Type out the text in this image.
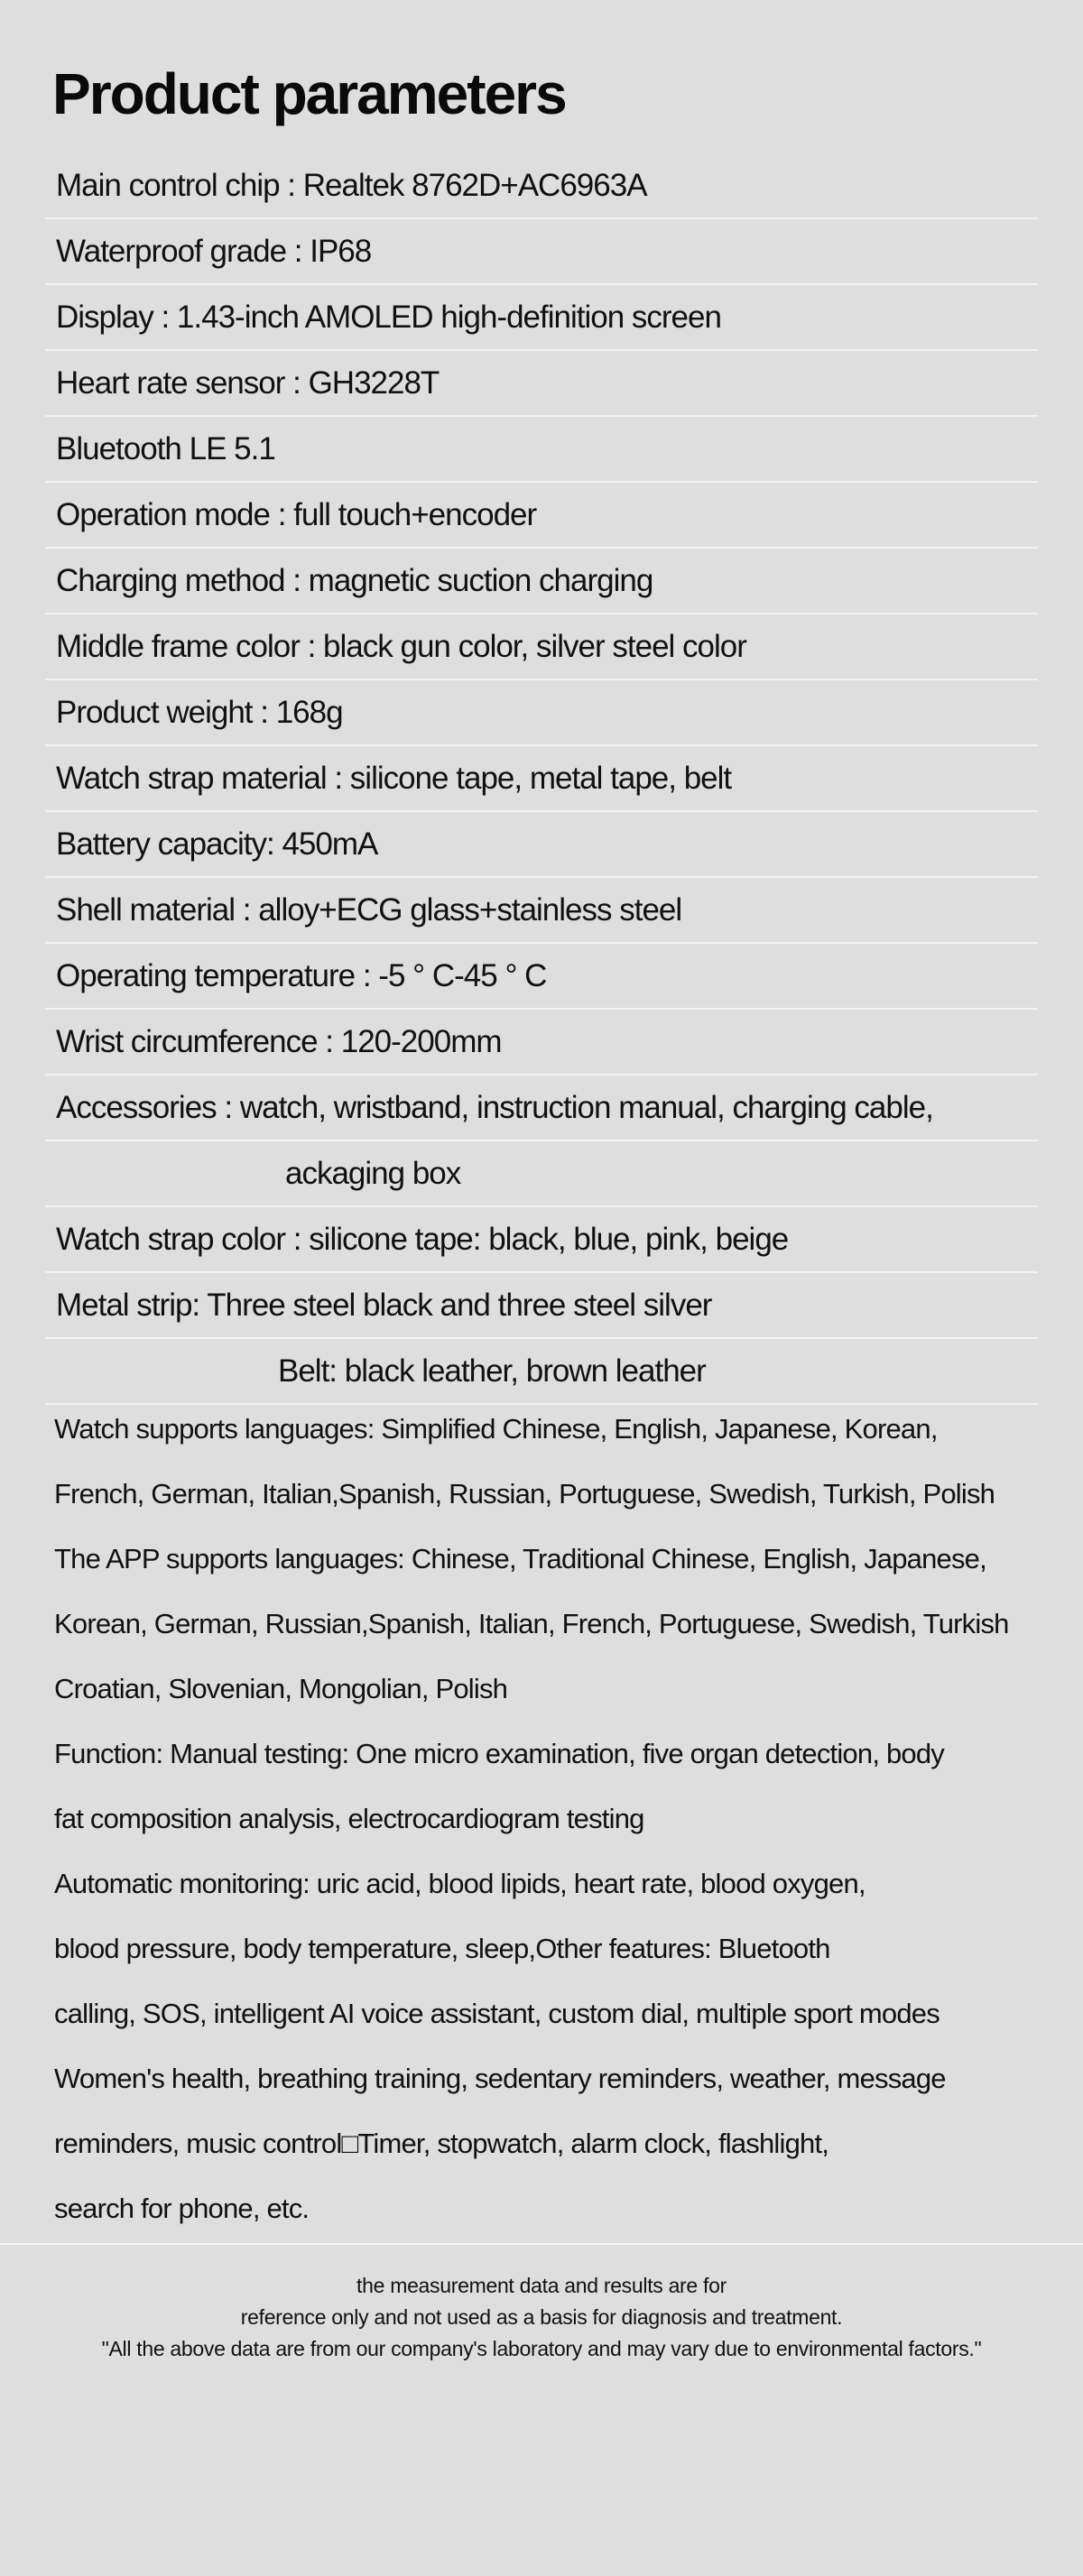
Product parameters
Main control chip : Realtek 8762D+AC6963A
Waterproof grade : IP68
Display : 1.43-inch AMOLED high-definition screen
Heart rate sensor : GH3228T
Bluetooth LE 5.1
Operation mode : full touch+encoder
Charging method : magnetic suction charging
Middle frame color : black gun color, silver steel color
Product weight : 168g
Watch strap material : silicone tape, metal tape, belt
Battery capacity: 450mA
Shell material : alloy+ECG glass+stainless steel
Operating temperature : -5 ° C-45 ° C
Wrist circumference : 120-200mm
Accessories : watch, wristband, instruction manual, charging cable,
ackaging box
Watch strap color : silicone tape: black, blue, pink, beige
Metal strip: Three steel black and three steel silver
Belt: black leather, brown leather
Watch supports languages: Simplified Chinese, English, Japanese, Korean,
French, German, Italian,Spanish, Russian, Portuguese, Swedish, Turkish, Polish
The APP supports languages: Chinese, Traditional Chinese, English, Japanese,
Korean, German, Russian,Spanish, Italian, French, Portuguese, Swedish, Turkish
Croatian, Slovenian, Mongolian, Polish
Function: Manual testing: One micro examination, five organ detection, body
fat composition analysis, electrocardiogram testing
Automatic monitoring: uric acid, blood lipids, heart rate, blood oxygen,
blood pressure, body temperature, sleep,Other features: Bluetooth
calling, SOS, intelligent AI voice assistant, custom dial, multiple sport modes
Women's health, breathing training, sedentary reminders, weather, message
reminders, music control□Timer, stopwatch, alarm clock, flashlight,
search for phone, etc.
the measurement data and results are for
reference only and not used as a basis for diagnosis and treatment.
"All the above data are from our company's laboratory and may vary due to environmental factors."
